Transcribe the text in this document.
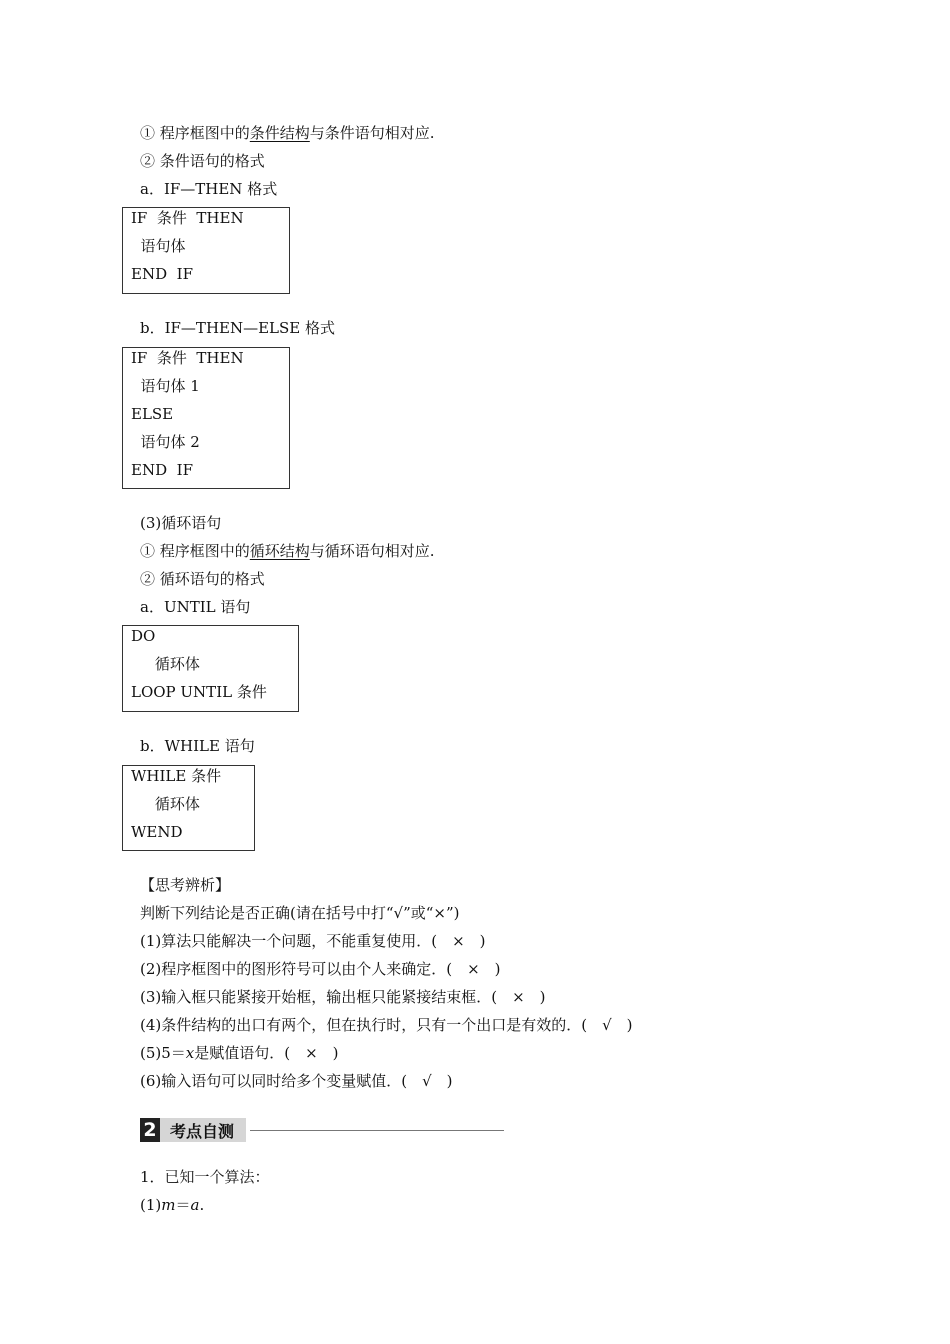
① 程序框图中的条件结构与条件语句相对应.
② 条件语句的格式
a．IF—THEN 格式
IF  条件  THEN
语句体
END  IF
b．IF—THEN—ELSE 格式
IF  条件  THEN
语句体 1
ELSE
语句体 2
END  IF
(3)循环语句
① 程序框图中的循环结构与循环语句相对应.
② 循环语句的格式
a．UNTIL 语句
DO
循环体
LOOP UNTIL 条件
b．WHILE 语句
WHILE 条件
循环体
WEND
【思考辨析】
判断下列结论是否正确(请在括号中打“√”或“×”)
(1)算法只能解决一个问题，不能重复使用．(　×　)
(2)程序框图中的图形符号可以由个人来确定．(　×　)
(3)输入框只能紧接开始框，输出框只能紧接结束框．(　×　)
(4)条件结构的出口有两个，但在执行时，只有一个出口是有效的．(　√　)
(5)5＝x是赋值语句．(　×　)
(6)输入语句可以同时给多个变量赋值．(　√　)
2 考点自测
1．已知一个算法：
(1)m＝a.
